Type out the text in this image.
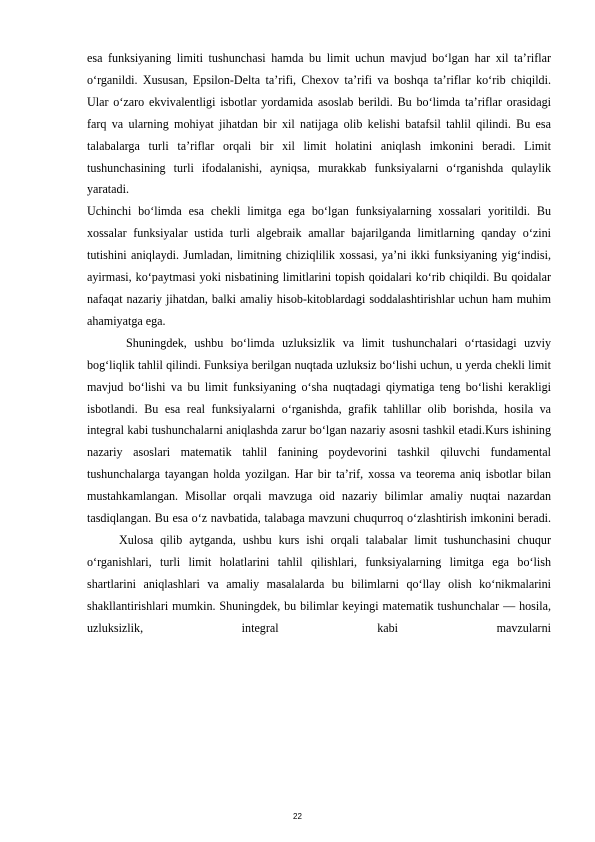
esa funksiyaning limiti tushunchasi hamda bu limit uchun mavjud bo‘lgan har xil ta’riflar o‘rganildi. Xususan, Epsilon-Delta ta’rifi, Chexov ta’rifi va boshqa ta’riflar ko‘rib chiqildi. Ular o‘zaro ekvivalentligi isbotlar yordamida asoslab berildi. Bu bo‘limda ta’riflar orasidagi farq va ularning mohiyat jihatdan bir xil natijaga olib kelishi batafsil tahlil qilindi. Bu esa talabalarga turli ta’riflar orqali bir xil limit holatini aniqlash imkonini beradi. Limit tushunchasining turli ifodalanishi, ayniqsa, murakkab funksiyalarni o‘rganishda qulaylik yaratadi.

Uchinchi bo‘limda esa chekli limitga ega bo‘lgan funksiyalarning xossalari yoritildi. Bu xossalar funksiyalar ustida turli algebraik amallar bajarilganda limitlarning qanday o‘zini tutishini aniqlaydi. Jumladan, limitning chiziqlilik xossasi, ya’ni ikki funksiyaning yig‘indisi, ayirmasi, ko‘paytmasi yoki nisbatining limitlarini topish qoidalari ko‘rib chiqildi. Bu qoidalar nafaqat nazariy jihatdan, balki amaliy hisob-kitoblardagi soddalashtirishlar uchun ham muhim ahamiyatga ega.

Shuningdek, ushbu bo‘limda uzluksizlik va limit tushunchalari o‘rtasidagi uzviy bog‘liqlik tahlil qilindi. Funksiya berilgan nuqtada uzluksiz bo‘lishi uchun, u yerda chekli limit mavjud bo‘lishi va bu limit funksiyaning o‘sha nuqtadagi qiymatiga teng bo‘lishi kerakligi isbotlandi. Bu esa real funksiyalarni o‘rganishda, grafik tahlillar olib borishda, hosila va integral kabi tushunchalarni aniqlashda zarur bo‘lgan nazariy asosni tashkil etadi.Kurs ishining nazariy asoslari matematik tahlil fanining poydevorini tashkil qiluvchi fundamental tushunchalarga tayangan holda yozilgan. Har bir ta’rif, xossa va teorema aniq isbotlar bilan mustahkamlangan. Misollar orqali mavzuga oid nazariy bilimlar amaliy nuqtai nazardan tasdiqlangan. Bu esa o‘z navbatida, talabaga mavzuni chuqurroq o‘zlashtirish imkonini beradi.

Xulosa qilib aytganda, ushbu kurs ishi orqali talabalar limit tushunchasini chuqur o‘rganishlari, turli limit holatlarini tahlil qilishlari, funksiyalarning limitga ega bo‘lish shartlarini aniqlashlari va amaliy masalalarda bu bilimlarni qo‘llay olish ko‘nikmalarini shakllantirishlari mumkin. Shuningdek, bu bilimlar keyingi matematik tushunchalar — hosila, uzluksizlik, integral kabi mavzularni

22
